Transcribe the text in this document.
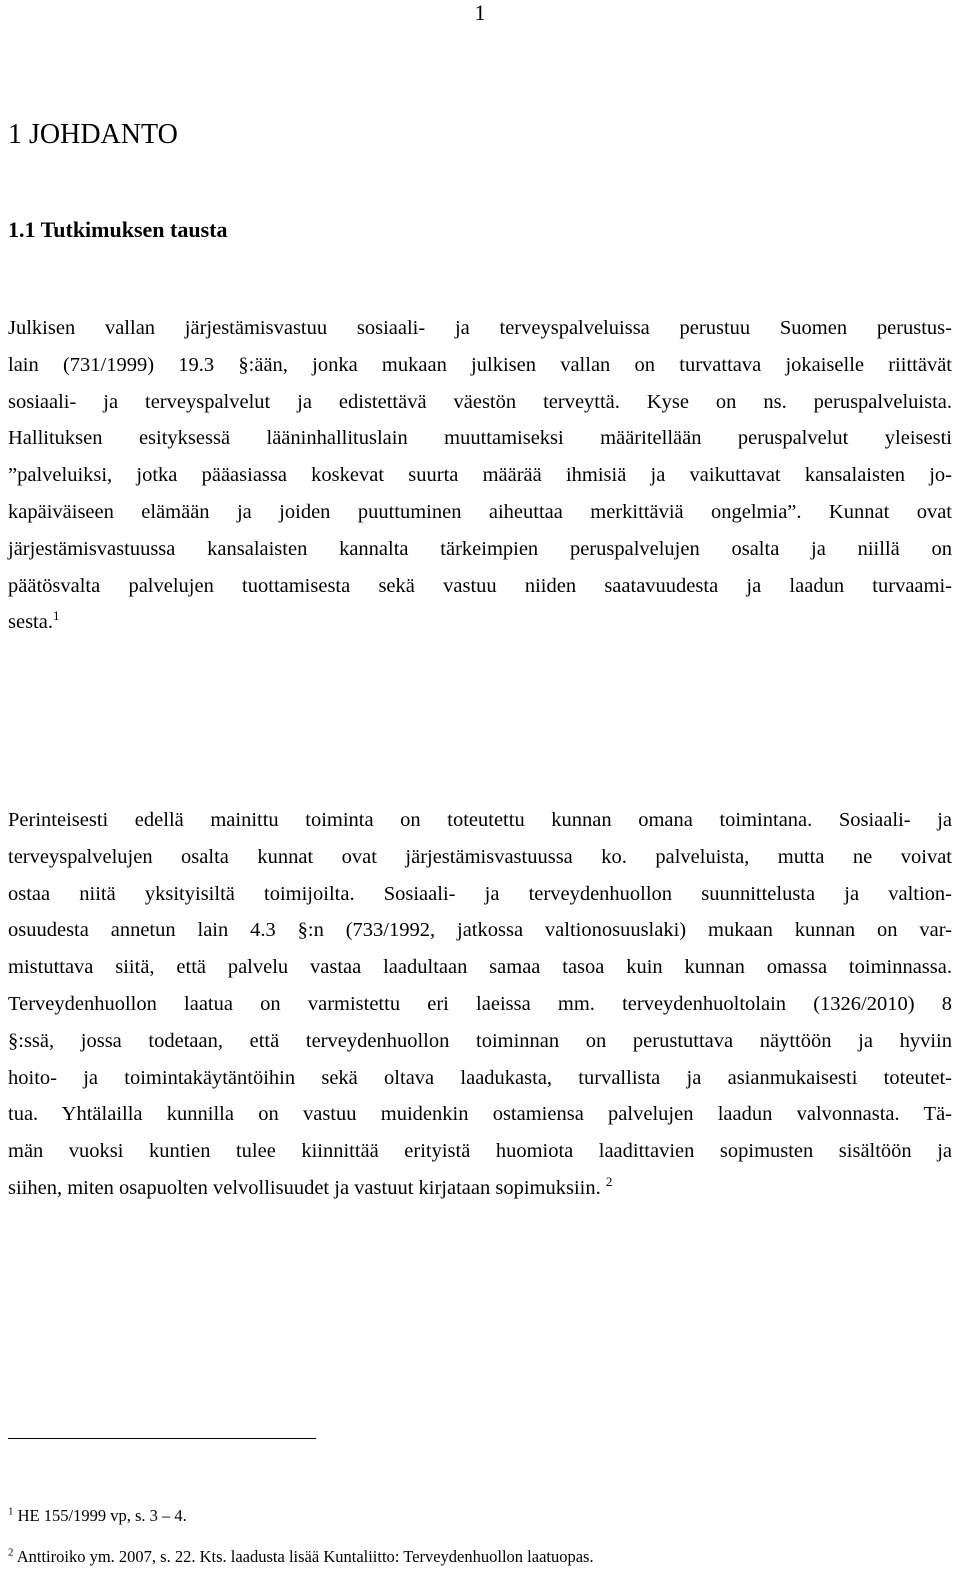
1
1 JOHDANTO
1.1 Tutkimuksen tausta

Julkisen vallan järjestämisvastuu sosiaali- ja terveyspalveluissa perustuu Suomen perustus-
lain (731/1999) 19.3 §:ään, jonka mukaan julkisen vallan on turvattava jokaiselle riittävät
sosiaali- ja terveyspalvelut ja edistettävä väestön terveyttä. Kyse on ns. peruspalveluista.
Hallituksen esityksessä lääninhallituslain muuttamiseksi määritellään peruspalvelut yleisesti
”palveluiksi, jotka pääasiassa koskevat suurta määrää ihmisiä ja vaikuttavat kansalaisten jo-
kapäiväiseen elämään ja joiden puuttuminen aiheuttaa merkittäviä ongelmia”. Kunnat ovat
järjestämisvastuussa kansalaisten kannalta tärkeimpien peruspalvelujen osalta ja niillä on
päätösvalta palvelujen tuottamisesta sekä vastuu niiden saatavuudesta ja laadun turvaami-
sesta.$^1$

Perinteisesti edellä mainittu toiminta on toteutettu kunnan omana toimintana. Sosiaali- ja
terveyspalvelujen osalta kunnat ovat järjestämisvastuussa ko. palveluista, mutta ne voivat
ostaa niitä yksityisiltä toimijoilta. Sosiaali- ja terveydenhuollon suunnittelusta ja valtion-
osuudesta annetun lain 4.3 §:n (733/1992, jatkossa valtionosuuslaki) mukaan kunnan on var-
mistuttava siitä, että palvelu vastaa laadultaan samaa tasoa kuin kunnan omassa toiminnassa.
Terveydenhuollon laatua on varmistettu eri laeissa mm. terveydenhuoltolain (1326/2010) 8
§:ssä, jossa todetaan, että terveydenhuollon toiminnan on perustuttava näyttöön ja hyviin
hoito- ja toimintakäytäntöihin sekä oltava laadukasta, turvallista ja asianmukaisesti toteutet-
tua. Yhtälailla kunnilla on vastuu muidenkin ostamiensa palvelujen laadun valvonnasta. Tä-
män vuoksi kuntien tulee kiinnittää erityistä huomiota laadittavien sopimusten sisältöön ja
siihen, miten osapuolten velvollisuudet ja vastuut kirjataan sopimuksiin. $^2$

$^1$ HE 155/1999 vp, s. 3 – 4.
$^2$ Anttiroiko ym. 2007, s. 22. Kts. laadusta lisää Kuntaliitto: Terveydenhuollon laatuopas.
